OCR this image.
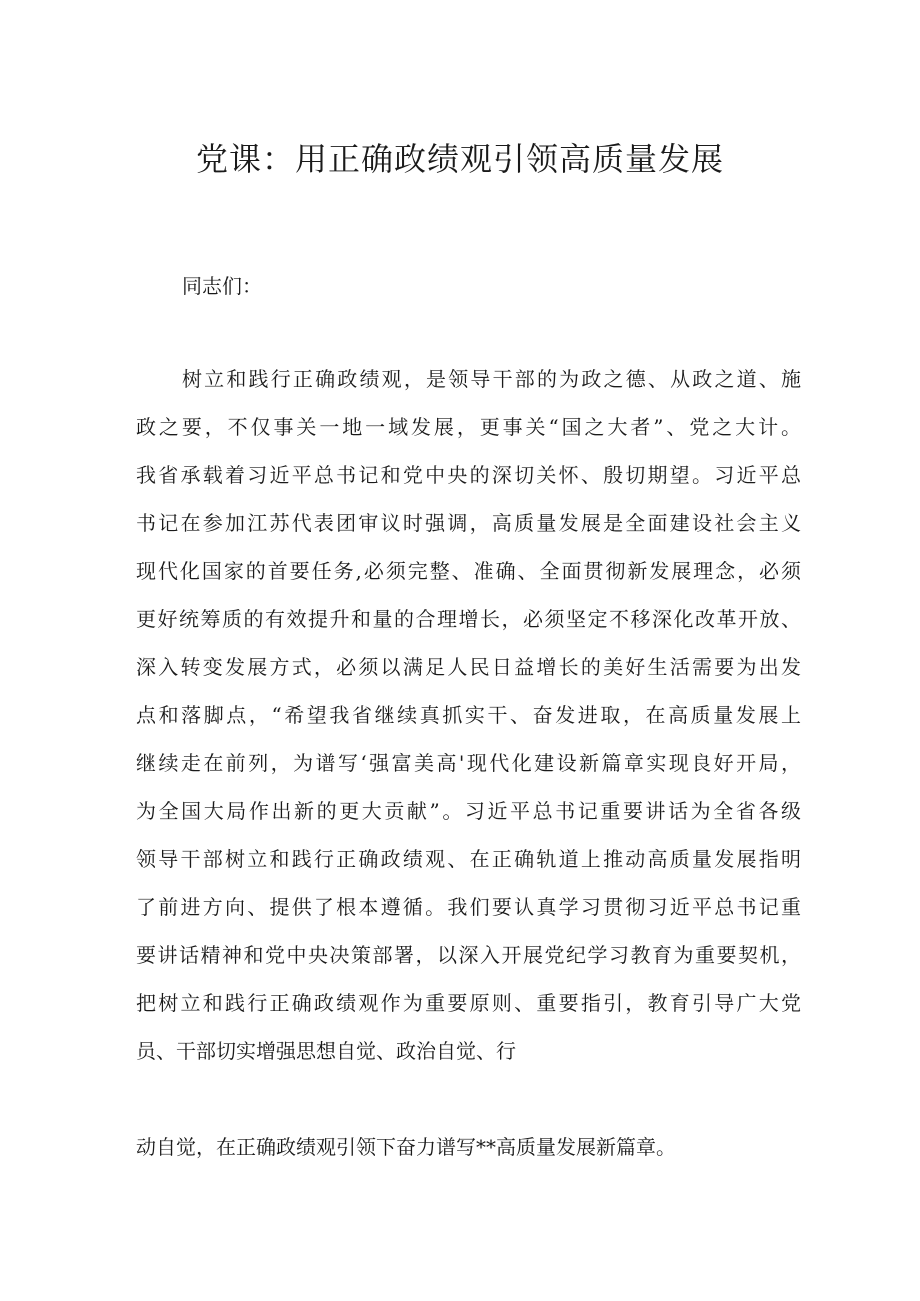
党课：用正确政绩观引领高质量发展

同志们：

树立和践行正确政绩观，是领导干部的为政之德、从政之道、施
政之要，不仅事关一地一域发展，更事关“国之大者”、党之大计。
我省承载着习近平总书记和党中央的深切关怀、殷切期望。习近平总
书记在参加江苏代表团审议时强调，高质量发展是全面建设社会主义
现代化国家的首要任务,必须完整、准确、全面贯彻新发展理念，必须
更好统筹质的有效提升和量的合理增长，必须坚定不移深化改革开放、
深入转变发展方式，必须以满足人民日益增长的美好生活需要为出发
点和落脚点，“希望我省继续真抓实干、奋发进取，在高质量发展上
继续走在前列，为谱写‘强富美高'现代化建设新篇章实现良好开局，
为全国大局作出新的更大贡献”。习近平总书记重要讲话为全省各级
领导干部树立和践行正确政绩观、在正确轨道上推动高质量发展指明
了前进方向、提供了根本遵循。我们要认真学习贯彻习近平总书记重
要讲话精神和党中央决策部署，以深入开展党纪学习教育为重要契机，
把树立和践行正确政绩观作为重要原则、重要指引，教育引导广大党
员、干部切实增强思想自觉、政治自觉、行

动自觉，在正确政绩观引领下奋力谱写**高质量发展新篇章。
